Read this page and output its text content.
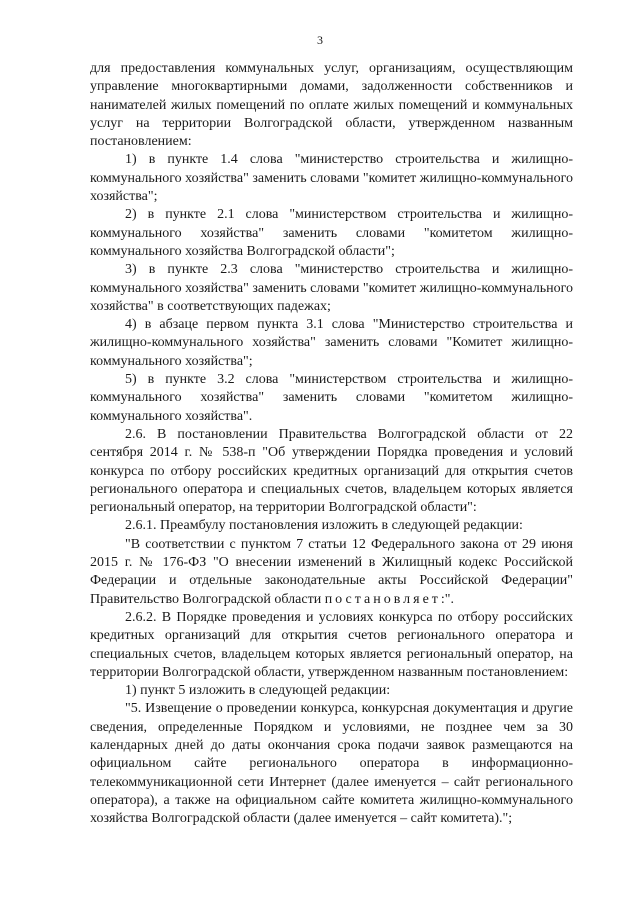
3

для предоставления коммунальных услуг, организациям, осуществляющим управление многоквартирными домами, задолженности собственников и нанимателей жилых помещений по оплате жилых помещений и коммунальных услуг на территории Волгоградской области, утвержденном названным постановлением:

1) в пункте 1.4 слова "министерство строительства и жилищно-коммунального хозяйства" заменить словами "комитет жилищно-коммунального хозяйства";

2) в пункте 2.1 слова "министерством строительства и жилищно-коммунального хозяйства" заменить словами "комитетом жилищно-коммунального хозяйства Волгоградской области";

3) в пункте 2.3 слова "министерство строительства и жилищно-коммунального хозяйства" заменить словами "комитет жилищно-коммунального хозяйства" в соответствующих падежах;

4) в абзаце первом пункта 3.1 слова "Министерство строительства и жилищно-коммунального хозяйства" заменить словами "Комитет жилищно-коммунального хозяйства";

5) в пункте 3.2 слова "министерством строительства и жилищно-коммунального хозяйства" заменить словами "комитетом жилищно-коммунального хозяйства".

2.6. В постановлении Правительства Волгоградской области от 22 сентября 2014 г. № 538-п "Об утверждении Порядка проведения и условий конкурса по отбору российских кредитных организаций для открытия счетов регионального оператора и специальных счетов, владельцем которых является региональный оператор, на территории Волгоградской области":

2.6.1. Преамбулу постановления изложить в следующей редакции:

"В соответствии с пунктом 7 статьи 12 Федерального закона от 29 июня 2015 г. № 176-ФЗ "О внесении изменений в Жилищный кодекс Российской Федерации и отдельные законодательные акты Российской Федерации" Правительство Волгоградской области постановляет:".

2.6.2. В Порядке проведения и условиях конкурса по отбору российских кредитных организаций для открытия счетов регионального оператора и специальных счетов, владельцем которых является региональный оператор, на территории Волгоградской области, утвержденном названным постановлением:

1) пункт 5 изложить в следующей редакции:

"5. Извещение о проведении конкурса, конкурсная документация и другие сведения, определенные Порядком и условиями, не позднее чем за 30 календарных дней до даты окончания срока подачи заявок размещаются на официальном сайте регионального оператора в информационно-телекоммуникационной сети Интернет (далее именуется – сайт регионального оператора), а также на официальном сайте комитета жилищно-коммунального хозяйства Волгоградской области (далее именуется – сайт комитета).";
